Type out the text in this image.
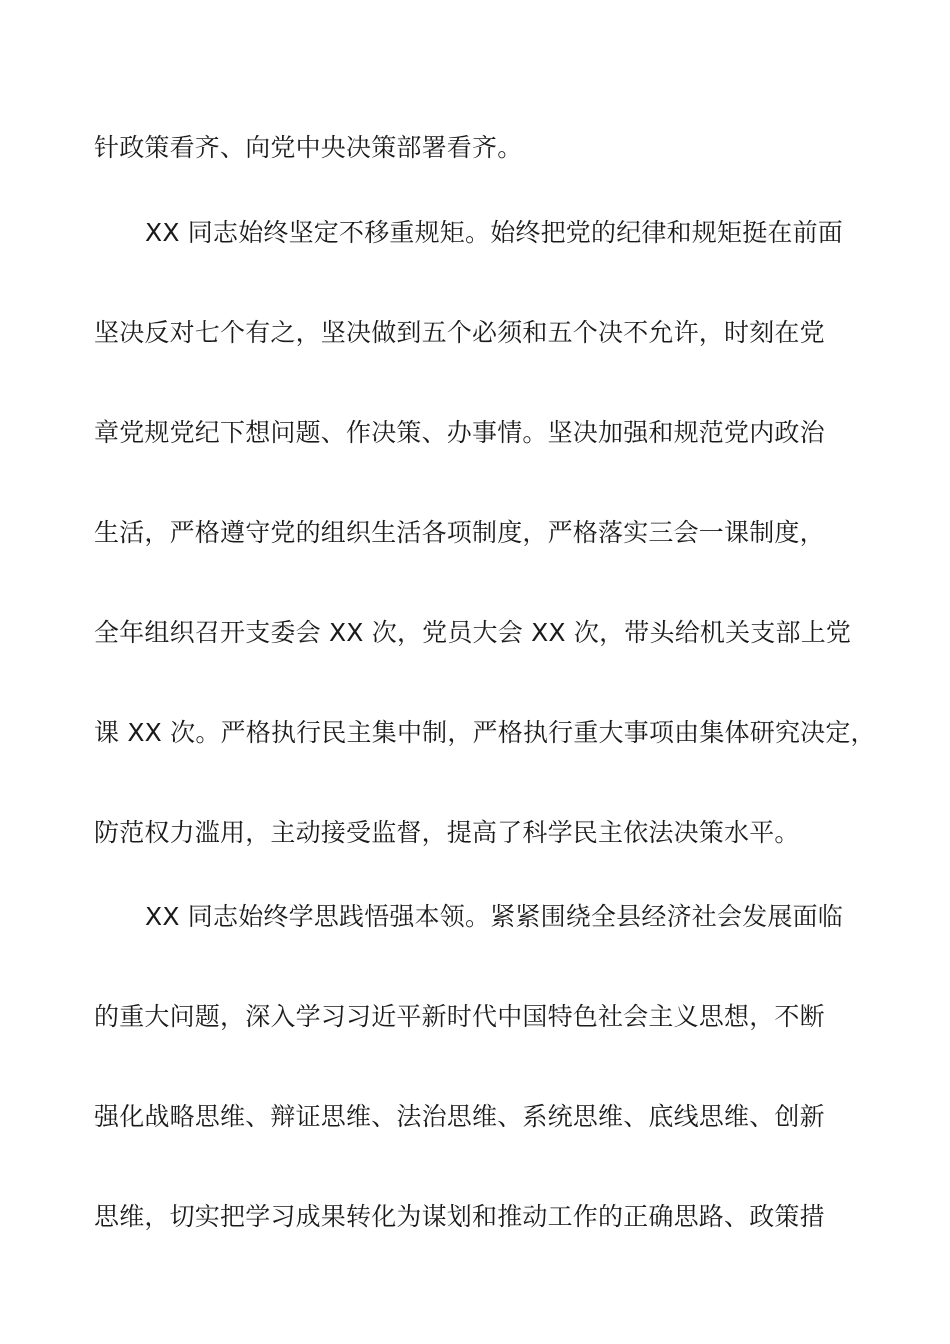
针政策看齐、向党中央决策部署看齐。
XX 同志始终坚定不移重规矩。始终把党的纪律和规矩挺在前面
坚决反对七个有之，坚决做到五个必须和五个决不允许，时刻在党
章党规党纪下想问题、作决策、办事情。坚决加强和规范党内政治
生活，严格遵守党的组织生活各项制度，严格落实三会一课制度，
全年组织召开支委会 XX 次，党员大会 XX 次，带头给机关支部上党
课 XX 次。严格执行民主集中制，严格执行重大事项由集体研究决定，
防范权力滥用，主动接受监督，提高了科学民主依法决策水平。
XX 同志始终学思践悟强本领。紧紧围绕全县经济社会发展面临
的重大问题，深入学习习近平新时代中国特色社会主义思想，不断
强化战略思维、辩证思维、法治思维、系统思维、底线思维、创新
思维，切实把学习成果转化为谋划和推动工作的正确思路、政策措
